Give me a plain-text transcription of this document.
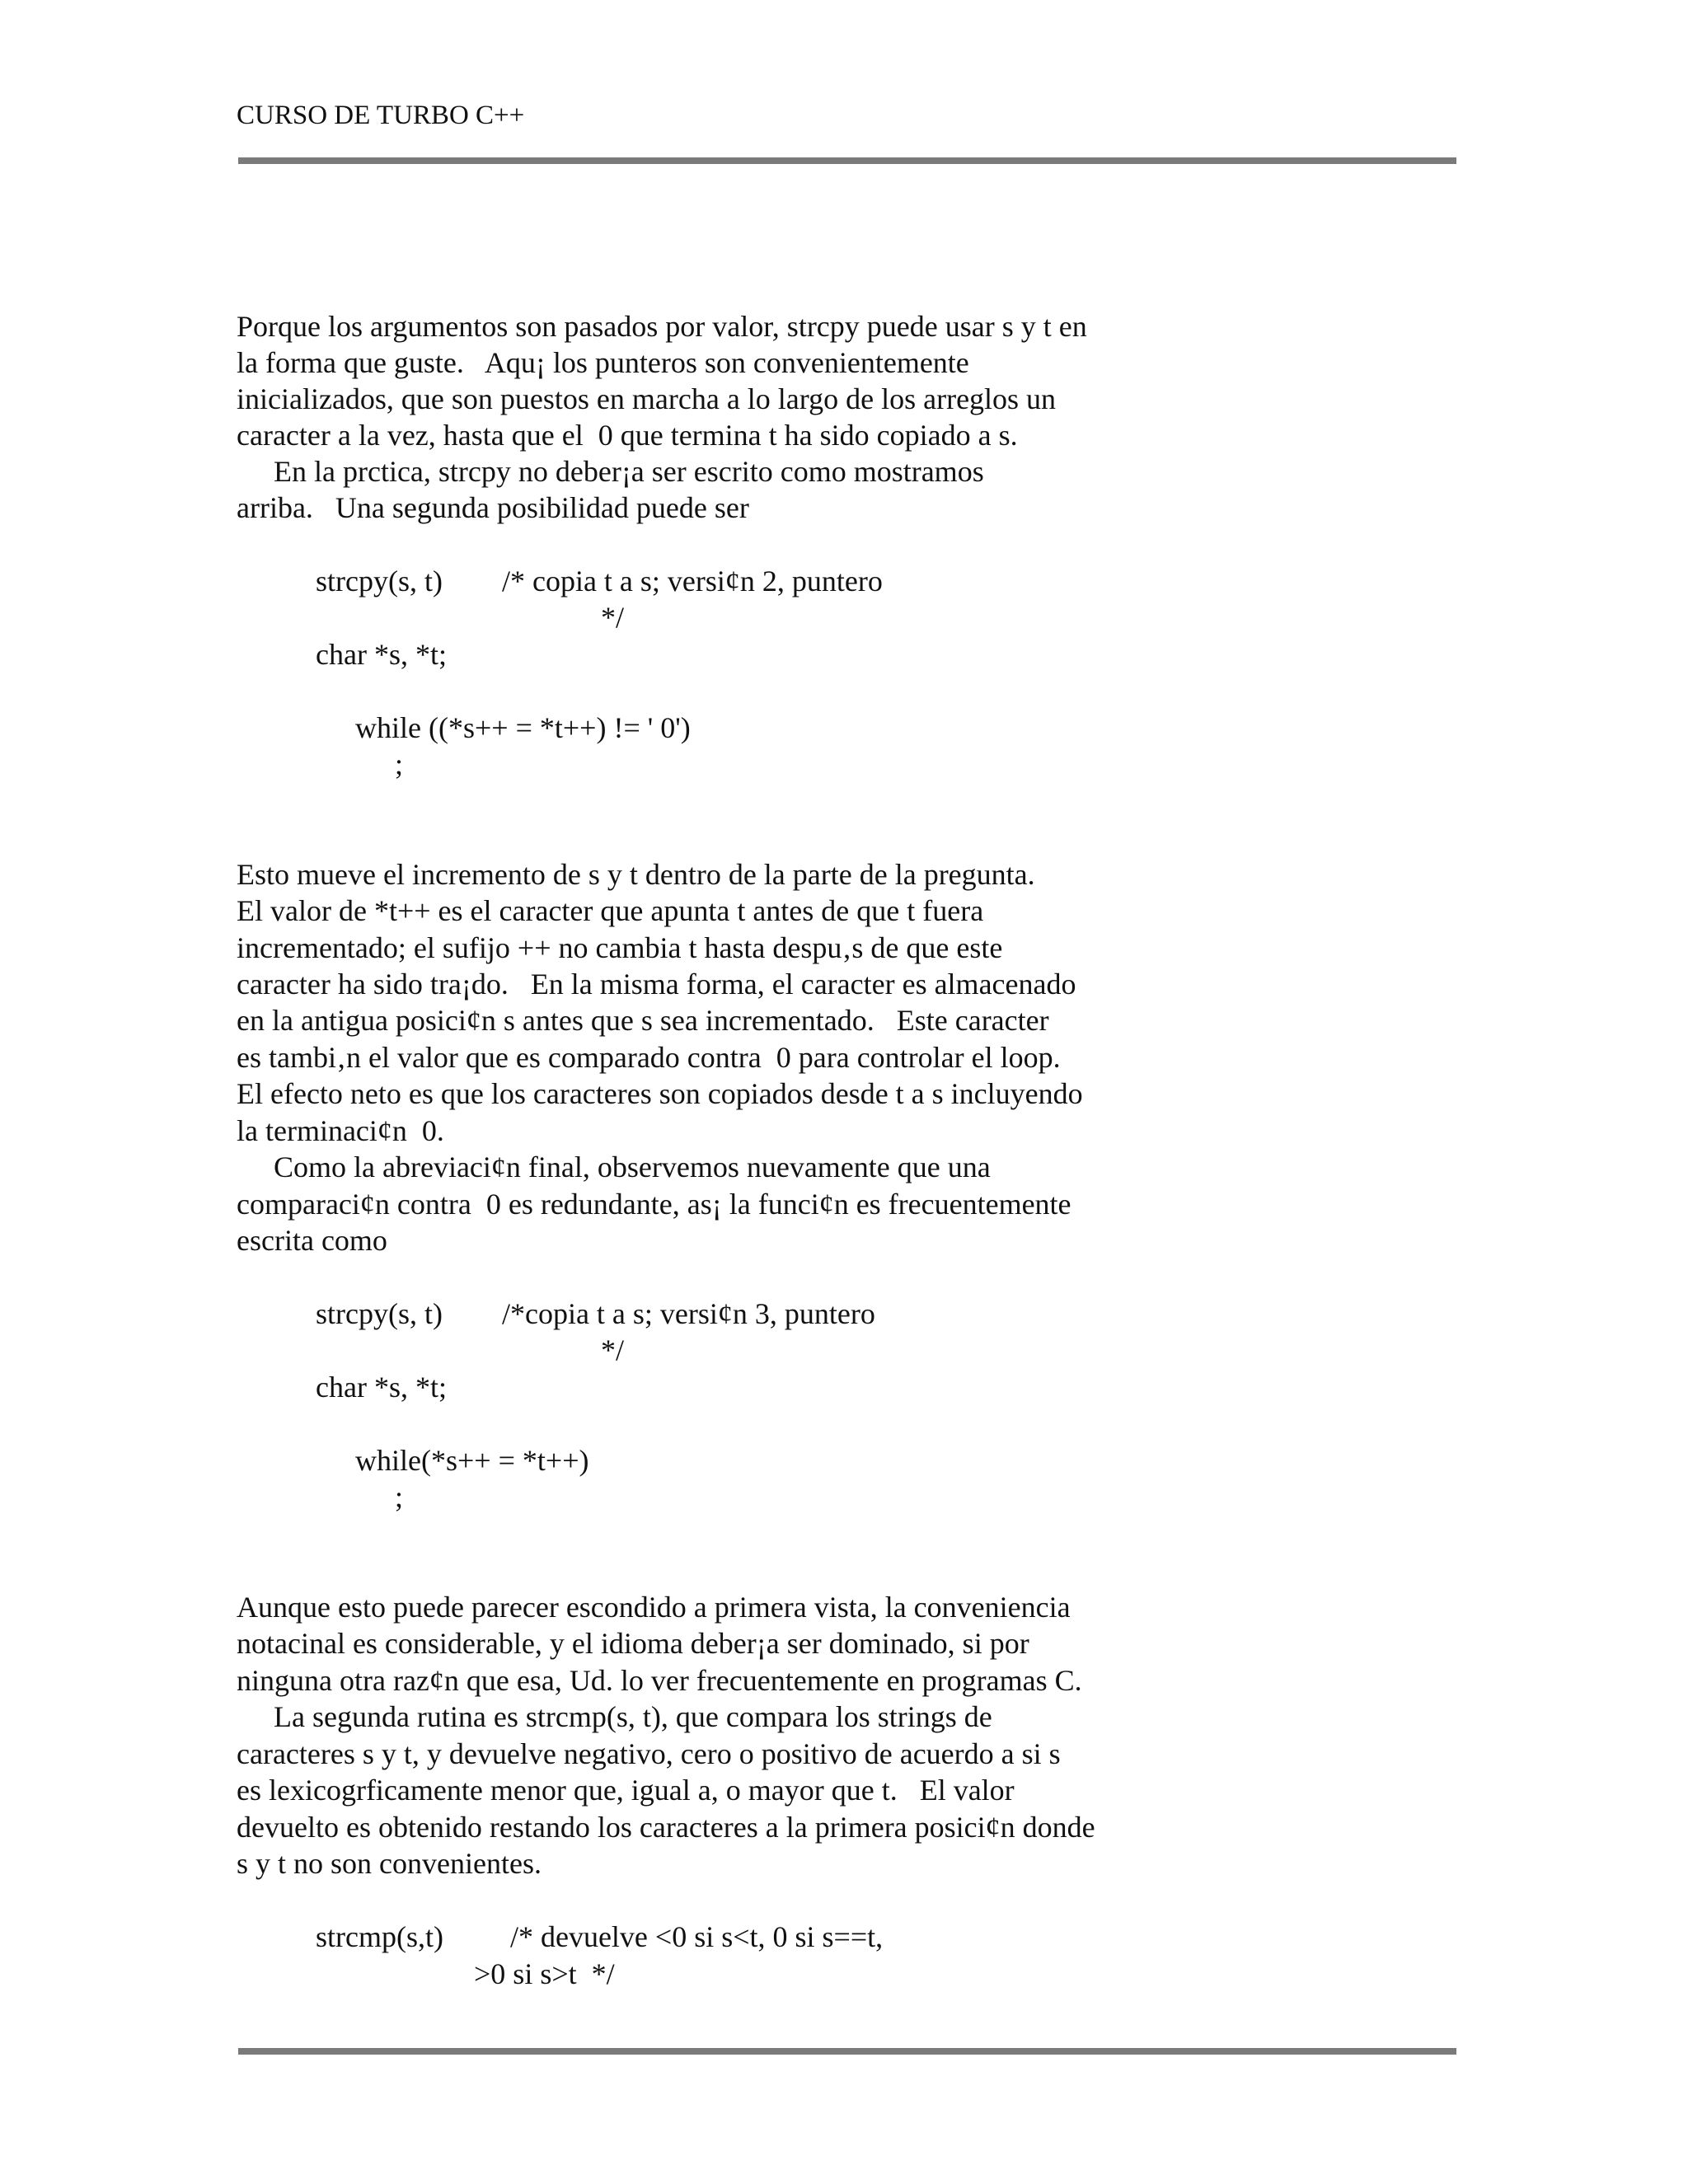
CURSO DE TURBO C++
Porque los argumentos son pasados por valor, strcpy puede usar s y t en
la forma que guste.   Aqu¡ los punteros son convenientemente
inicializados, que son puestos en marcha a lo largo de los arreglos un
caracter a la vez, hasta que el  0 que termina t ha sido copiado a s.
En la prctica, strcpy no deber¡a ser escrito como mostramos
arriba.   Una segunda posibilidad puede ser
strcpy(s, t)        /* copia t a s; versi¢n 2, puntero
*/
char *s, *t;
while ((*s++ = *t++) != ' 0')
;
Esto mueve el incremento de s y t dentro de la parte de la pregunta.
El valor de *t++ es el caracter que apunta t antes de que t fuera
incrementado; el sufijo ++ no cambia t hasta despu‚s de que este
caracter ha sido tra¡do.   En la misma forma, el caracter es almacenado
en la antigua posici¢n s antes que s sea incrementado.   Este caracter
es tambi‚n el valor que es comparado contra  0 para controlar el loop.
El efecto neto es que los caracteres son copiados desde t a s incluyendo
la terminaci¢n  0.
Como la abreviaci¢n final, observemos nuevamente que una
comparaci¢n contra  0 es redundante, as¡ la funci¢n es frecuentemente
escrita como
strcpy(s, t)        /*copia t a s; versi¢n 3, puntero
*/
char *s, *t;
while(*s++ = *t++)
;
Aunque esto puede parecer escondido a primera vista, la conveniencia
notacinal es considerable, y el idioma deber¡a ser dominado, si por
ninguna otra raz¢n que esa, Ud. lo ver frecuentemente en programas C.
La segunda rutina es strcmp(s, t), que compara los strings de
caracteres s y t, y devuelve negativo, cero o positivo de acuerdo a si s
es lexicogrficamente menor que, igual a, o mayor que t.   El valor
devuelto es obtenido restando los caracteres a la primera posici¢n donde
s y t no son convenientes.
strcmp(s,t)         /* devuelve <0 si s<t, 0 si s==t,
>0 si s>t  */
